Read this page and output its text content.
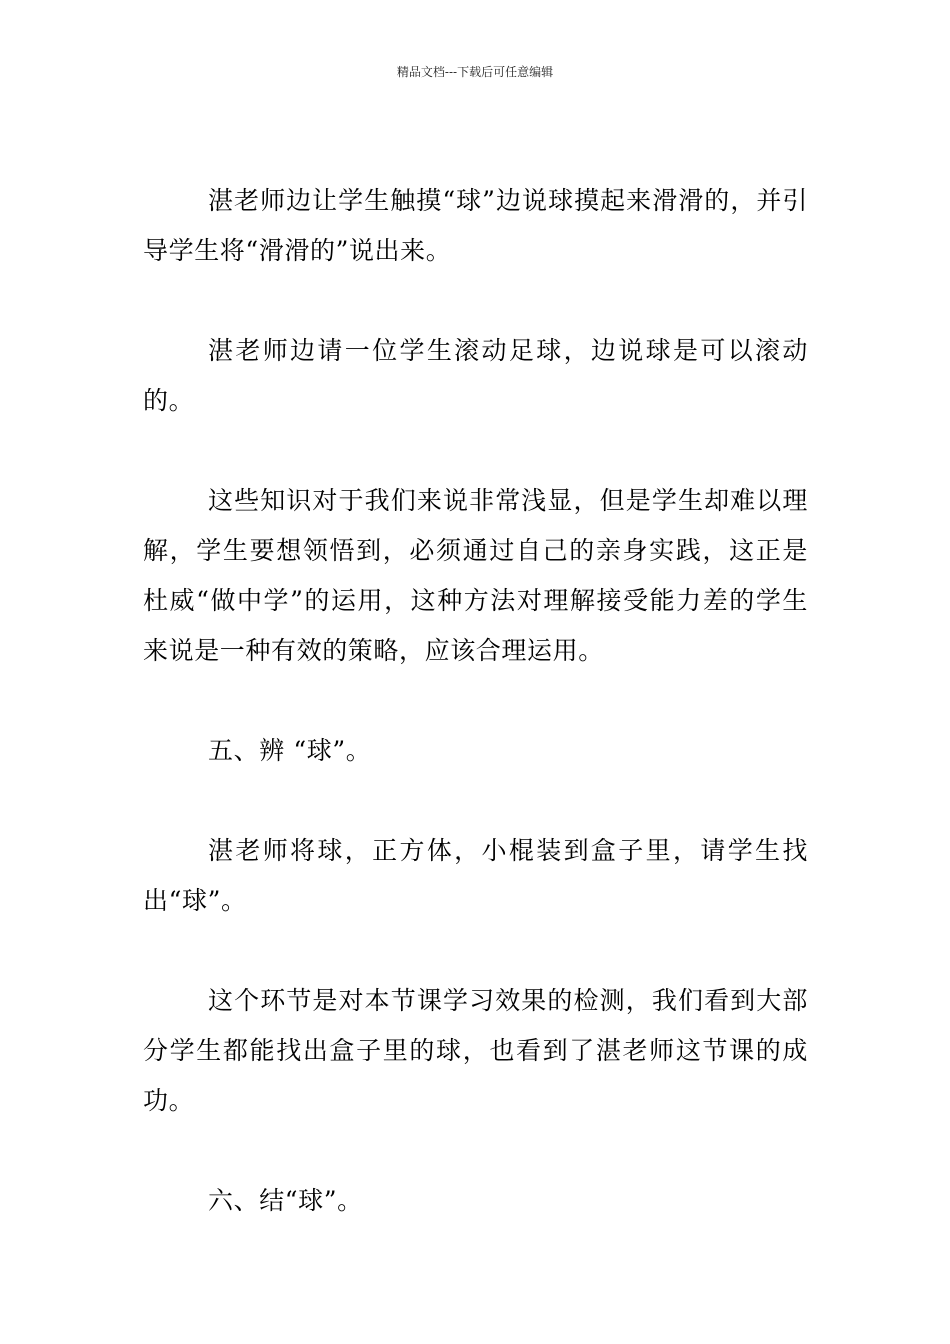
精品文档---下载后可任意编辑

湛老师边让学生触摸“球”边说球摸起来滑滑的，并引导学生将“滑滑的”说出来。

湛老师边请一位学生滚动足球，边说球是可以滚动的。

这些知识对于我们来说非常浅显，但是学生却难以理解，学生要想领悟到，必须通过自己的亲身实践，这正是杜威“做中学”的运用，这种方法对理解接受能力差的学生来说是一种有效的策略，应该合理运用。

五、辨 “球”。

湛老师将球，正方体，小棍装到盒子里，请学生找出“球”。

这个环节是对本节课学习效果的检测，我们看到大部分学生都能找出盒子里的球，也看到了湛老师这节课的成功。

六、结“球”。
